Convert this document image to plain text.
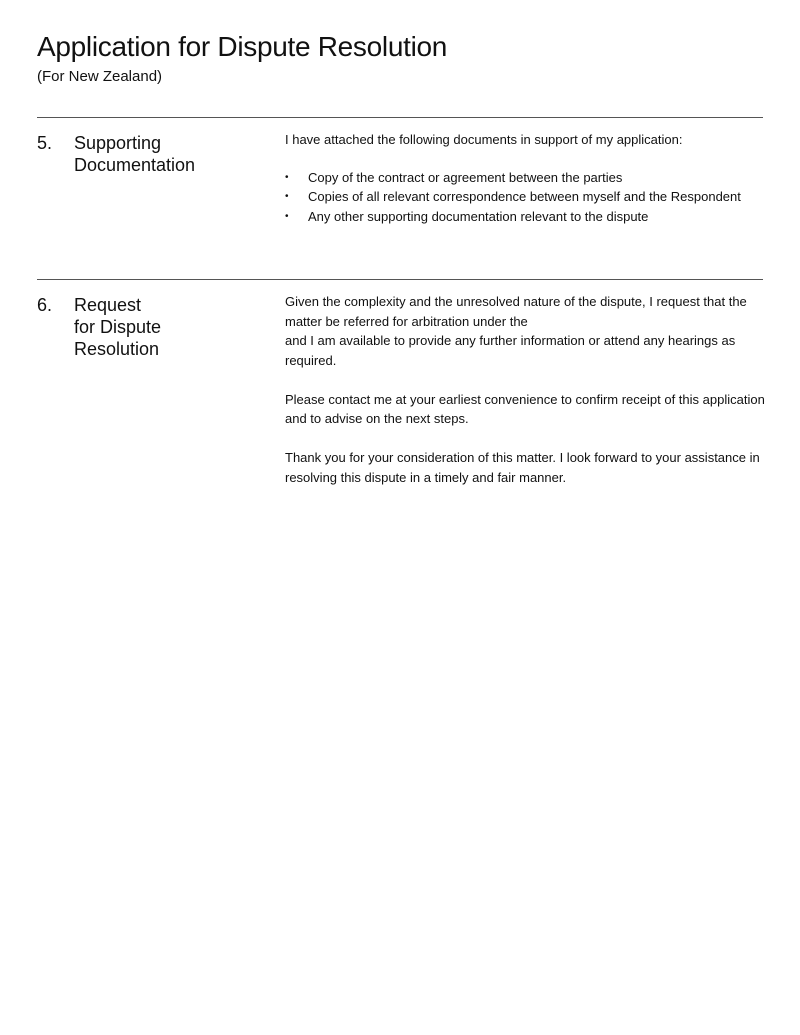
Application for Dispute Resolution

(For New Zealand)

5. Supporting
Documentation

I have attached the following documents in support of my application:

• Copy of the contract or agreement between the parties
• Copies of all relevant correspondence between myself and the Respondent
• Any other supporting documentation relevant to the dispute
6. Request
for Dispute
Resolution

Given the complexity and the unresolved nature of the dispute, I request that the
matter be referred for arbitration under the
and I am available to provide any further information or attend any hearings as
required.

Please contact me at your earliest convenience to confirm receipt of this application
and to advise on the next steps.

Thank you for your consideration of this matter. I look forward to your assistance in
resolving this dispute in a timely and fair manner.
